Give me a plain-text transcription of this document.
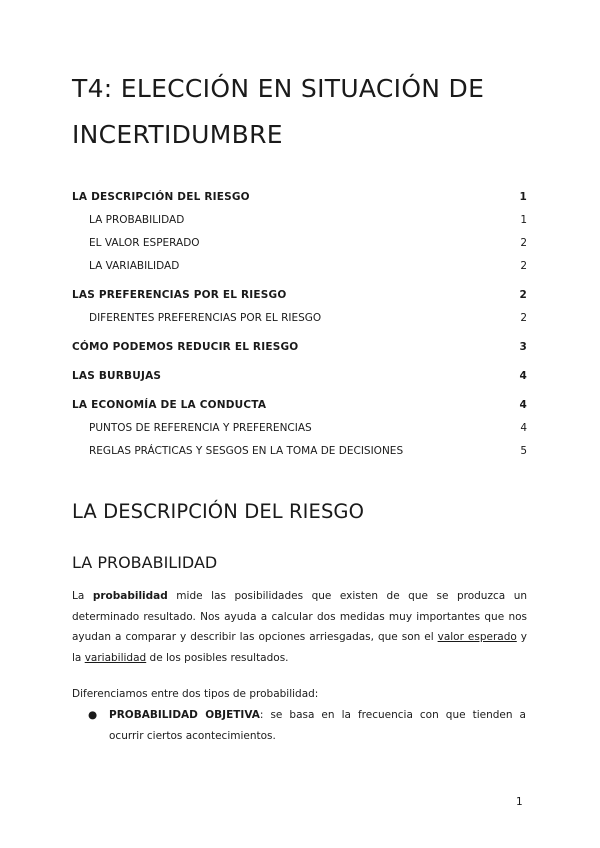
T4: ELECCIÓN EN SITUACIÓN DE INCERTIDUMBRE
LA DESCRIPCIÓN DEL RIESGO	1
LA PROBABILIDAD	1
EL VALOR ESPERADO	2
LA VARIABILIDAD	2
LAS PREFERENCIAS POR EL RIESGO	2
DIFERENTES PREFERENCIAS POR EL RIESGO	2
CÓMO PODEMOS REDUCIR EL RIESGO	3
LAS BURBUJAS	4
LA ECONOMÍA DE LA CONDUCTA	4
PUNTOS DE REFERENCIA Y PREFERENCIAS	4
REGLAS PRÁCTICAS Y SESGOS EN LA TOMA DE DECISIONES	5
LA DESCRIPCIÓN DEL RIESGO
LA PROBABILIDAD

La probabilidad mide las posibilidades que existen de que se produzca un determinado resultado. Nos ayuda a calcular dos medidas muy importantes que nos ayudan a comparar y describir las opciones arriesgadas, que son el valor esperado y la variabilidad de los posibles resultados.

Diferenciamos entre dos tipos de probabilidad:

●	PROBABILIDAD OBJETIVA: se basa en la frecuencia con que tienden a ocurrir ciertos acontecimientos.
1
